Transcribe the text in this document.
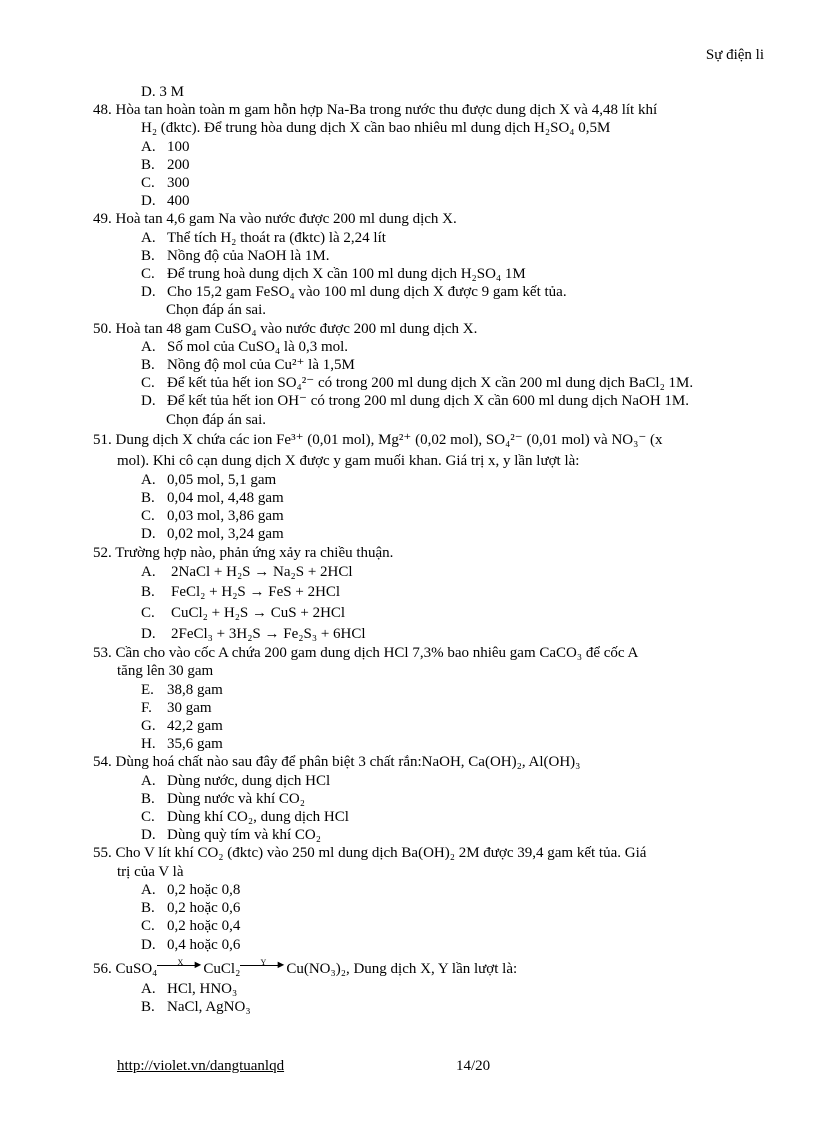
Sự điện li
D. 3 M
48. Hòa tan hoàn toàn m gam hỗn hợp Na-Ba trong nước thu được dung dịch X và 4,48 lít khí
H₂ (đktc). Để trung hòa dung dịch X cần bao nhiêu ml dung dịch H₂SO₄ 0,5M
A. 100
B. 200
C. 300
D. 400
49. Hoà tan 4,6 gam Na vào nước được 200 ml dung dịch X.
A. Thể tích H₂ thoát ra (đktc) là 2,24 lít
B. Nồng độ của NaOH là 1M.
C. Để trung hoà dung dịch X cần 100 ml dung dịch H₂SO₄ 1M
D. Cho 15,2 gam FeSO₄ vào 100 ml dung dịch X được 9 gam kết tủa.
Chọn đáp án sai.
50. Hoà tan 48 gam CuSO₄ vào nước được 200 ml dung dịch X.
A. Số mol của CuSO₄ là 0,3 mol.
B. Nồng độ mol của Cu²⁺ là 1,5M
C. Để kết tủa hết ion SO₄²⁻ có trong 200 ml dung dịch X cần 200 ml dung dịch BaCl₂ 1M.
D. Để kết tủa hết ion OH⁻ có trong 200 ml dung dịch X cần 600 ml dung dịch NaOH 1M.
Chọn đáp án sai.
51. Dung dịch X chứa các ion Fe³⁺ (0,01 mol), Mg²⁺ (0,02 mol), SO₄²⁻ (0,01 mol) và NO₃⁻ (x
mol). Khi cô cạn dung dịch X được y gam muối khan. Giá trị x, y lần lượt là:
A. 0,05 mol, 5,1 gam
B. 0,04 mol, 4,48 gam
C. 0,03 mol, 3,86 gam
D. 0,02 mol, 3,24 gam
52. Trường hợp nào, phản ứng xảy ra chiều thuận.
A. 2NaCl + H₂S → Na₂S + 2HCl
B. FeCl₂ + H₂S → FeS + 2HCl
C. CuCl₂ + H₂S → CuS + 2HCl
D. 2FeCl₃ + 3H₂S → Fe₂S₃ + 6HCl
53. Cần cho vào cốc A chứa 200 gam dung dịch HCl 7,3% bao nhiêu gam CaCO₃ để cốc A
tăng lên 30 gam
E. 38,8 gam
F. 30 gam
G. 42,2 gam
H. 35,6 gam
54. Dùng hoá chất nào sau đây để phân biệt 3 chất rắn:NaOH, Ca(OH)₂, Al(OH)₃
A. Dùng nước, dung dịch HCl
B. Dùng nước và khí CO₂
C. Dùng khí CO₂, dung dịch HCl
D. Dùng quỳ tím và khí CO₂
55. Cho V lít khí CO₂ (đktc) vào 250 ml dung dịch Ba(OH)₂ 2M được 39,4 gam kết tủa. Giá
trị của V là
A. 0,2 hoặc 0,8
B. 0,2 hoặc 0,6
C. 0,2 hoặc 0,4
D. 0,4 hoặc 0,6
56. CuSO₄	X ► CuCl₂	Y ► Cu(NO₃)₂, Dung dịch X, Y lần lượt là:
A. HCl, HNO₃
B. NaCl, AgNO₃
http://violet.vn/dangtuanlqd	14/20
